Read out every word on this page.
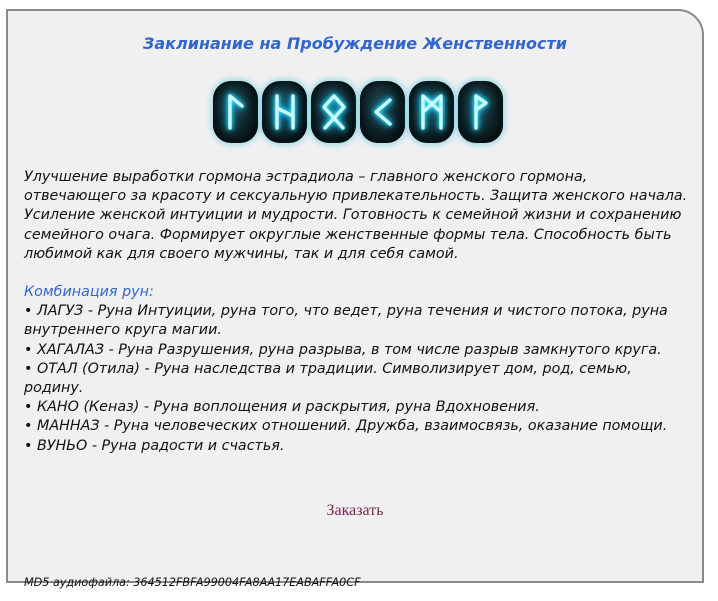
Заклинание на Пробуждение Женственности

Улучшение выработки гормона эстрадиола – главного женского гормона, отвечающего за красоту и сексуальную привлекательность. Защита женского начала. Усиление женской интуиции и мудрости. Готовность к семейной жизни и сохранению семейного очага. Формирует округлые женственные формы тела. Способность быть любимой как для своего мужчины, так и для себя самой.

Комбинация рун:
• ЛАГУЗ - Руна Интуиции, руна того, что ведет, руна течения и чистого потока, руна внутреннего круга магии.
• ХАГАЛАЗ - Руна Разрушения, руна разрыва, в том числе разрыв замкнутого круга.
• ОТАЛ (Отила) - Руна наследства и традиции. Символизирует дом, род, семью, родину.
• КАНО (Кеназ) - Руна воплощения и раскрытия, руна Вдохновения.
• МАННАЗ - Руна человеческих отношений. Дружба, взаимосвязь, оказание помощи.
• ВУНЬО - Руна радости и счастья.
Заказать
MD5 аудиофайла: 364512FBFA99004FA8AA17EABAFFA0CF
